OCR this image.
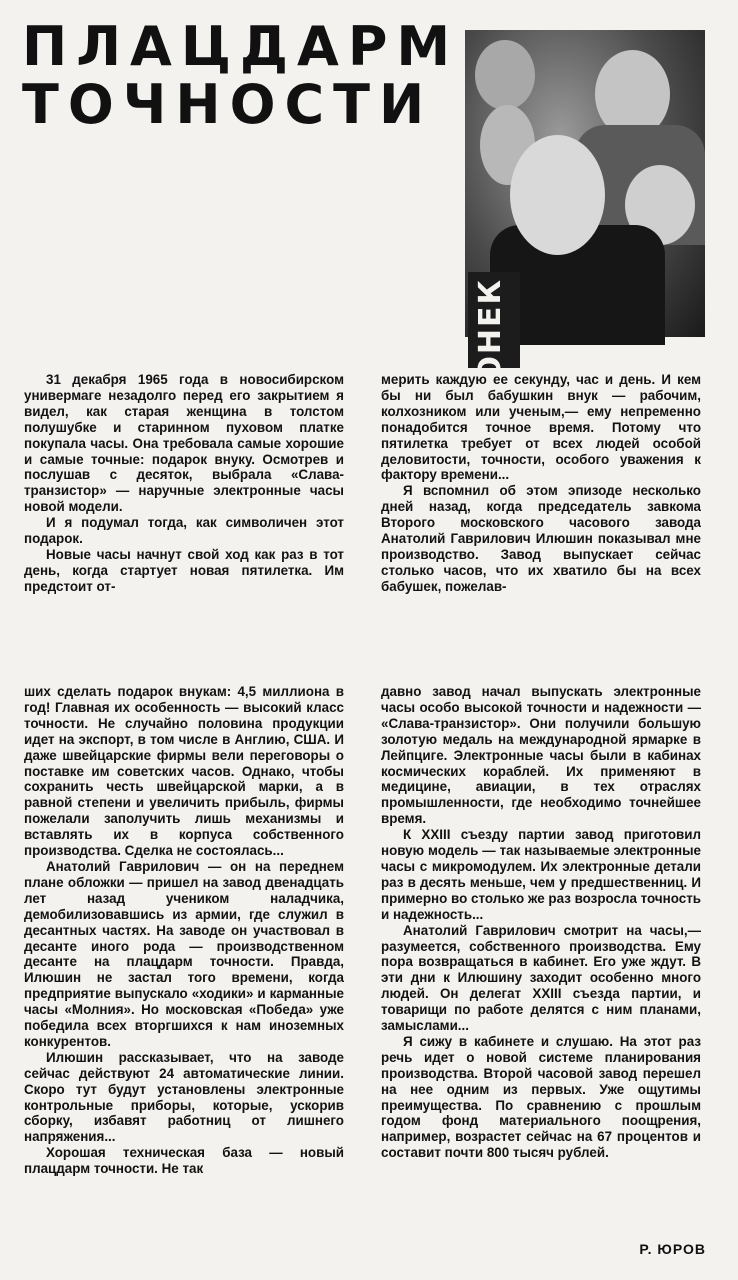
ПЛАЦДАРМ
ТОЧНОСТИ
ОГОНЕК

31 декабря 1965 года в новосибирском универмаге незадолго перед его закрытием я видел, как старая женщина в толстом полушубке и старинном пуховом платке покупала часы. Она требовала самые хорошие и самые точные: подарок внуку. Осмотрев и послушав с десяток, выбрала «Слава-транзистор» — наручные электронные часы новой модели.

И я подумал тогда, как символичен этот подарок.

Новые часы начнут свой ход как раз в тот день, когда стартует новая пятилетка. Им предстоит от-

мерить каждую ее секунду, час и день. И кем бы ни был бабушкин внук — рабочим, колхозником или ученым,— ему непременно понадобится точное время. Потому что пятилетка требует от всех людей особой деловитости, точности, особого уважения к фактору времени...

Я вспомнил об этом эпизоде несколько дней назад, когда председатель завкома Второго московского часового завода Анатолий Гаврилович Илюшин показывал мне производство. Завод выпускает сейчас столько часов, что их хватило бы на всех бабушек, пожелав-

ших сделать подарок внукам: 4,5 миллиона в год! Главная их особенность — высокий класс точности. Не случайно половина продукции идет на экспорт, в том числе в Англию, США. И даже швейцарские фирмы вели переговоры о поставке им советских часов. Однако, чтобы сохранить честь швейцарской марки, а в равной степени и увеличить прибыль, фирмы пожелали заполучить лишь механизмы и вставлять их в корпуса собственного производства. Сделка не состоялась...

Анатолий Гаврилович — он на переднем плане обложки — пришел на завод двенадцать лет назад учеником наладчика, демобилизовавшись из армии, где служил в десантных частях. На заводе он участвовал в десанте иного рода — производственном десанте на плацдарм точности. Правда, Илюшин не застал того времени, когда предприятие выпускало «ходики» и карманные часы «Молния». Но московская «Победа» уже победила всех вторгшихся к нам иноземных конкурентов.

Илюшин рассказывает, что на заводе сейчас действуют 24 автоматические линии. Скоро тут будут установлены электронные контрольные приборы, которые, ускорив сборку, избавят работниц от лишнего напряжения...

Хорошая техническая база — новый плацдарм точности. Не так

давно завод начал выпускать электронные часы особо высокой точности и надежности — «Слава-транзистор». Они получили большую золотую медаль на международной ярмарке в Лейпциге. Электронные часы были в кабинах космических кораблей. Их применяют в медицине, авиации, в тех отраслях промышленности, где необходимо точнейшее время.

К XXIII съезду партии завод приготовил новую модель — так называемые электронные часы с микромодулем. Их электронные детали раз в десять меньше, чем у предшественниц. И примерно во столько же раз возросла точность и надежность...

Анатолий Гаврилович смотрит на часы,— разумеется, собственного производства. Ему пора возвращаться в кабинет. Его уже ждут. В эти дни к Илюшину заходит особенно много людей. Он делегат XXIII съезда партии, и товарищи по работе делятся с ним планами, замыслами...

Я сижу в кабинете и слушаю. На этот раз речь идет о новой системе планирования производства. Второй часовой завод перешел на нее одним из первых. Уже ощутимы преимущества. По сравнению с прошлым годом фонд материального поощрения, например, возрастет сейчас на 67 процентов и составит почти 800 тысяч рублей.

Р. ЮРОВ
